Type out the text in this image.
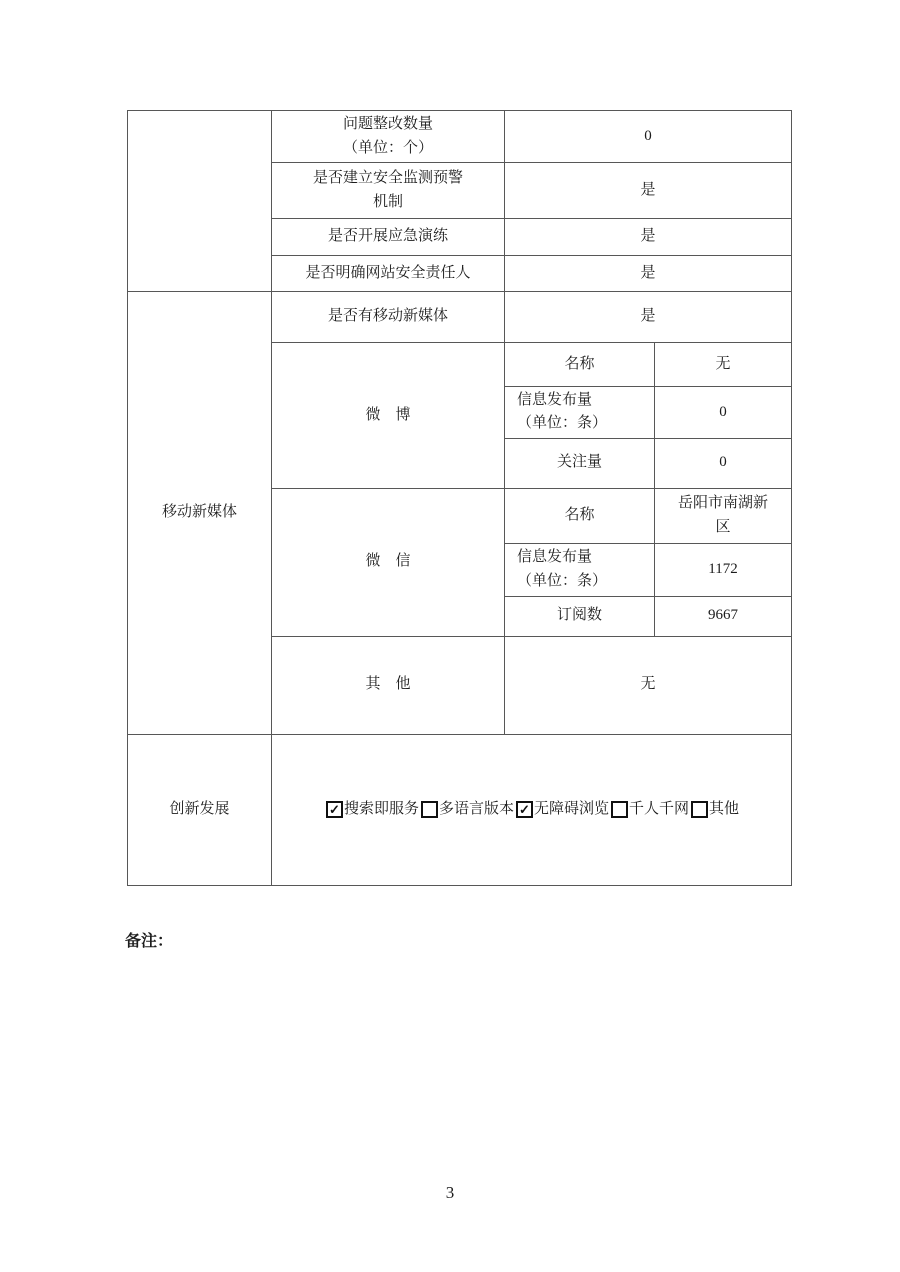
	问题整改数量
（单位：个）	0	

	是否建立安全监测预警
机制	是	
	是否开展应急演练	是	
	是否明确网站安全责任人	是	
移动新媒体	是否有移动新媒体	是	
	微　博	名称	无

		信息发布量
（单位：条）	0
		关注量	0
	微　信	名称	岳阳市南湖新区

		信息发布量
（单位：条）	1172
		订阅数	9667
	其　他	无	
创新发展	✓ 搜索即服务 多语言版本 ✓ 无障碍浏览 千人千网 其他
备注：
3
